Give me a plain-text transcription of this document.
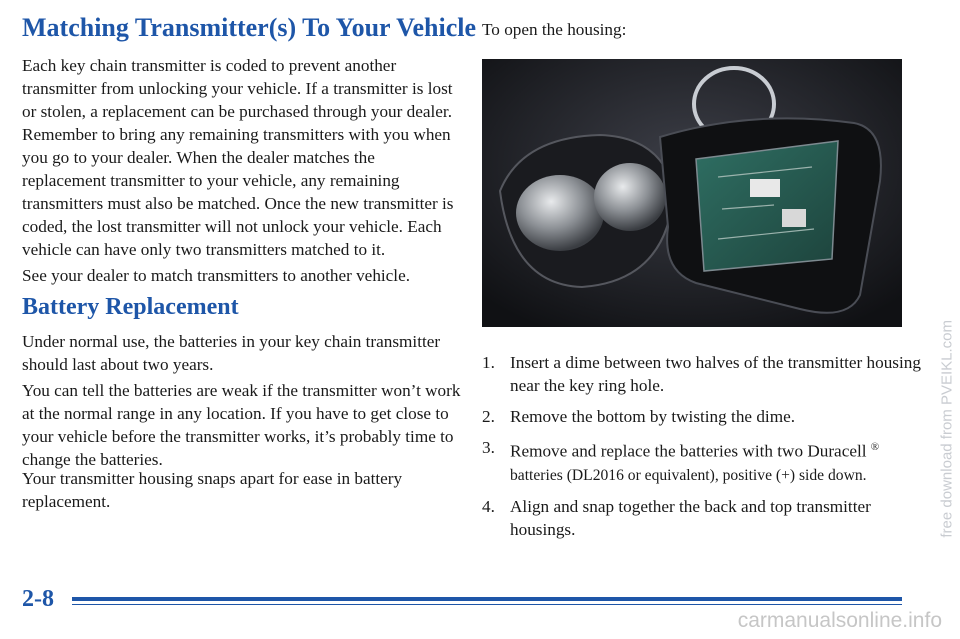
Matching Transmitter(s) To Your Vehicle

Each key chain transmitter is coded to prevent another transmitter from unlocking your vehicle. If a transmitter is lost or stolen, a replacement can be purchased through your dealer. Remember to bring any remaining transmitters with you when you go to your dealer. When the dealer matches the replacement transmitter to your vehicle, any remaining transmitters must also be matched. Once the new transmitter is coded, the lost transmitter will not unlock your vehicle. Each vehicle can have only two transmitters matched to it.

See your dealer to match transmitters to another vehicle.

Battery Replacement

Under normal use, the batteries in your key chain transmitter should last about two years.

You can tell the batteries are weak if the transmitter won’t work at the normal range in any location. If you have to get close to your vehicle before the transmitter works, it’s probably time to change the batteries.

Your transmitter housing snaps apart for ease in battery replacement.

To open the housing:

1. Insert a dime between two halves of the transmitter housing near the key ring hole.
2. Remove the bottom by twisting the dime.
3. Remove and replace the batteries with two Duracell ® batteries (DL2016 or equivalent), positive (+) side down.
4. Align and snap together the back and top transmitter housings.
2-8
free download from PVEIKL.com
carmanualsonline.info
